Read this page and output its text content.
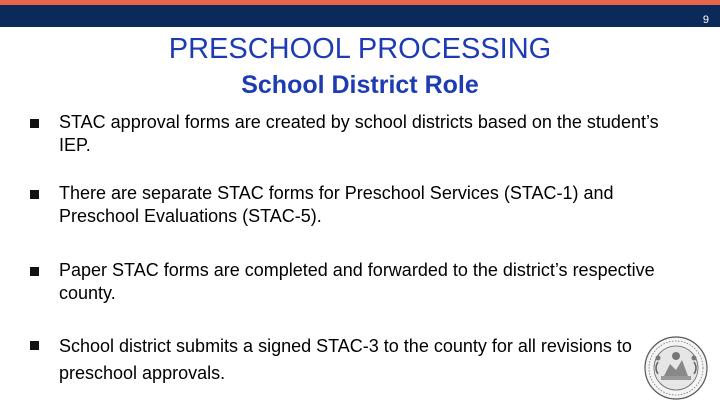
9
PRESCHOOL PROCESSING
School District Role
STAC approval forms are created by school districts based on the student’s IEP.
There are separate STAC forms for Preschool Services (STAC-1) and Preschool Evaluations (STAC-5).
Paper STAC forms are completed and forwarded to the district’s respective county.
School district submits a signed STAC-3 to the county for all revisions to preschool approvals.
